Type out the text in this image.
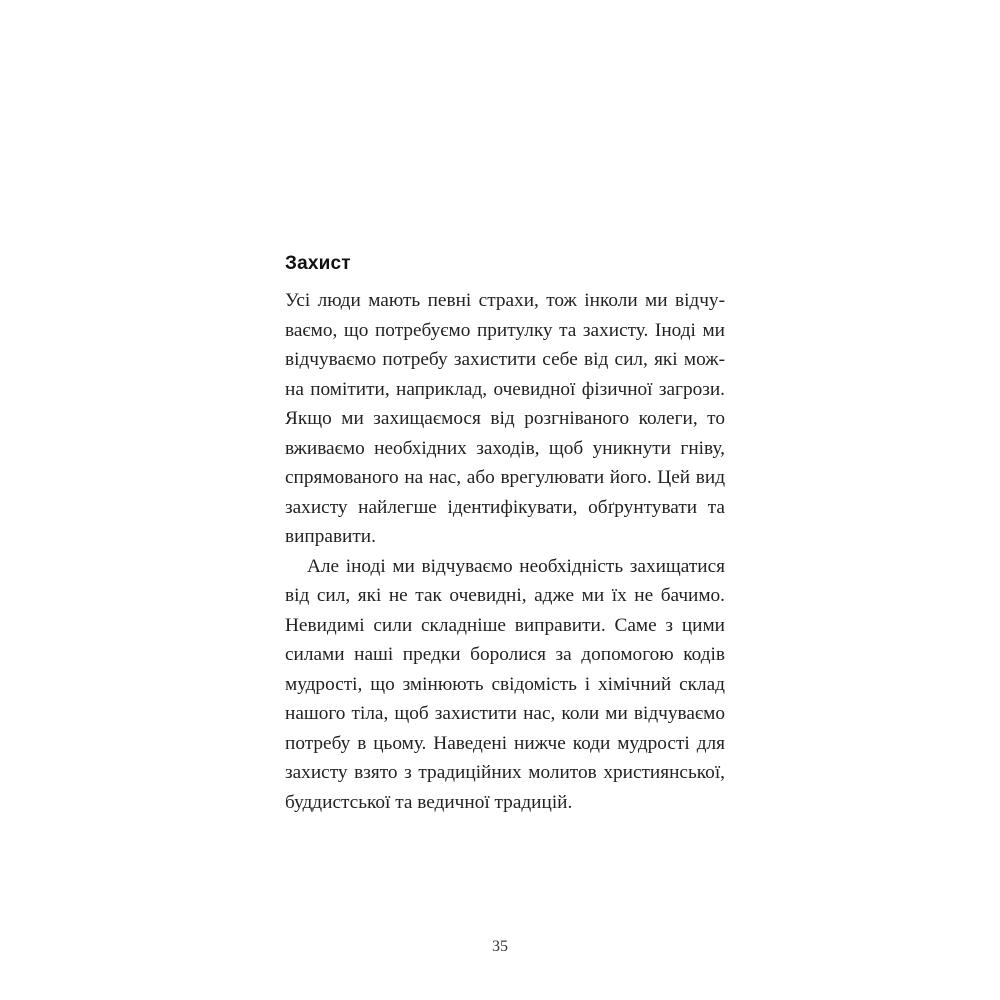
Захист
Усі люди мають певні страхи, тож інколи ми відчу-
ваємо, що потребуємо притулку та захисту. Іноді ми
відчуваємо потребу захистити себе від сил, які мож-
на помітити, наприклад, очевидної фізичної загрози.
Якщо ми захищаємося від розгніваного колеги, то
вживаємо необхідних заходів, щоб уникнути гніву,
спрямованого на нас, або врегулювати його. Цей вид
захисту найлегше ідентифікувати, обґрунтувати та
виправити.
Але іноді ми відчуваємо необхідність захищатися
від сил, які не так очевидні, адже ми їх не бачимо.
Невидимі сили складніше виправити. Саме з цими
силами наші предки боролися за допомогою кодів
мудрості, що змінюють свідомість і хімічний склад
нашого тіла, щоб захистити нас, коли ми відчуваємо
потребу в цьому. Наведені нижче коди мудрості для
захисту взято з традиційних молитов християнської,
буддистської та ведичної традицій.
35
